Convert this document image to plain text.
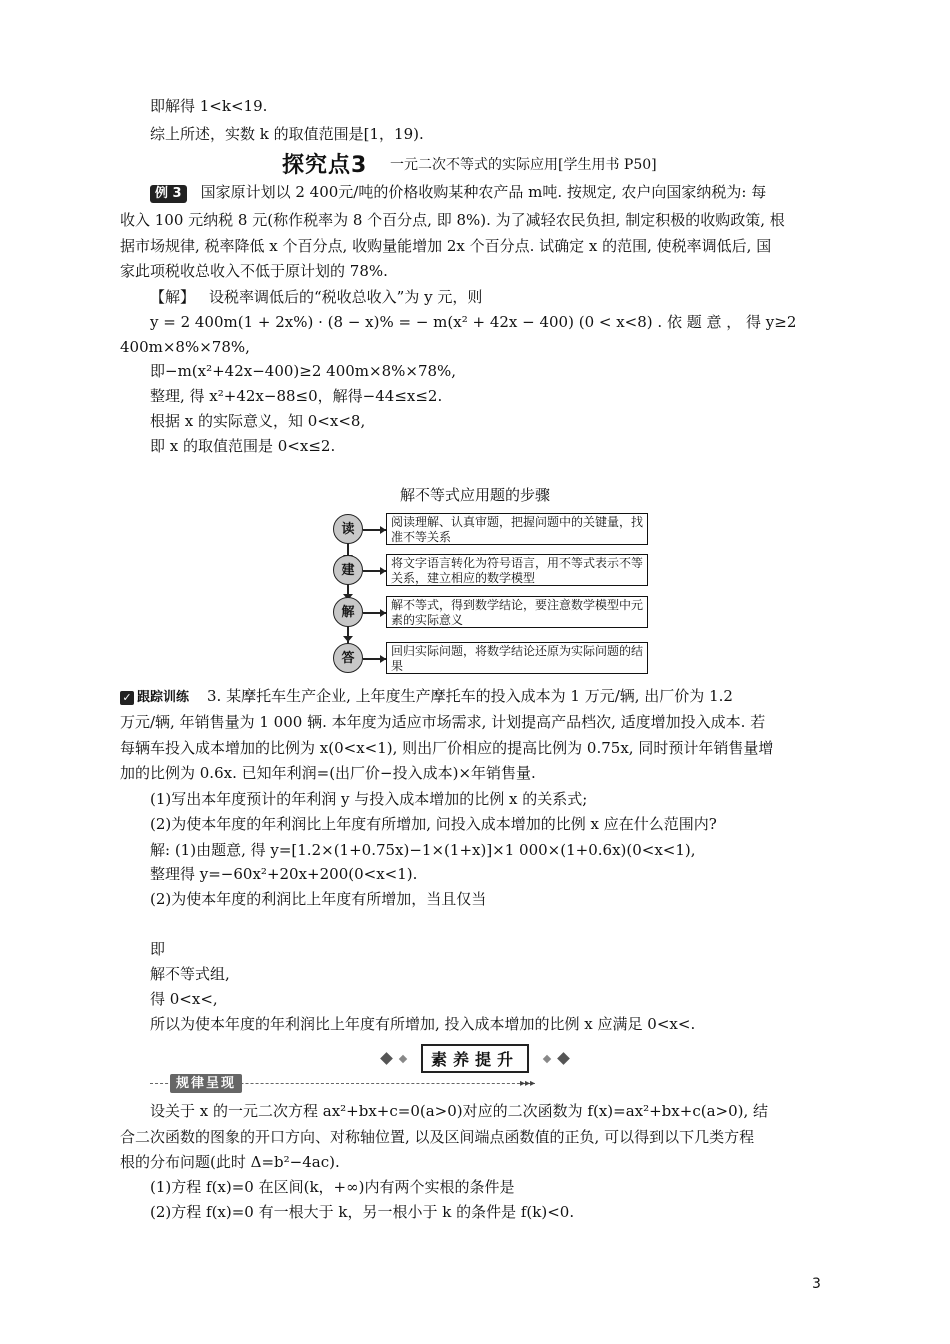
即解得 1<k<19.
综上所述，实数 k 的取值范围是[1，19).
探究点3 一元二次不等式的实际应用[学生用书 P50]
例 3 国家原计划以 2 400元/吨的价格收购某种农产品 m吨. 按规定, 农户向国家纳税为: 每
收入 100 元纳税 8 元(称作税率为 8 个百分点, 即 8%). 为了减轻农民负担, 制定积极的收购政策, 根
据市场规律, 税率降低 x 个百分点, 收购量能增加 2x 个百分点. 试确定 x 的范围, 使税率调低后, 国
家此项税收总收入不低于原计划的 78%.
【解】 设税率调低后的“税收总收入”为 y 元，则
y = 2 400m(1 + 2x%) · (8 − x)% = − m(x² + 42x − 400) (0 < x<8) . 依 题 意 ， 得 y≥2
400m×8%×78%,
即−m(x²+42x−400)≥2 400m×8%×78%,
整理, 得 x²+42x−88≤0，解得−44≤x≤2.
根据 x 的实际意义，知 0<x<8,
即 x 的取值范围是 0<x≤2.
解不等式应用题的步骤
读	阅读理解、认真审题，把握问题中的关键量，找准不等关系
建	将文字语言转化为符号语言，用不等式表示不等关系，建立相应的数学模型
解	解不等式，得到数学结论，要注意数学模型中元素的实际意义
答	回归实际问题，将数学结论还原为实际问题的结果
✓ 跟踪训练 3. 某摩托车生产企业, 上年度生产摩托车的投入成本为 1 万元/辆, 出厂价为 1.2
万元/辆, 年销售量为 1 000 辆. 本年度为适应市场需求, 计划提高产品档次, 适度增加投入成本. 若
每辆车投入成本增加的比例为 x(0<x<1), 则出厂价相应的提高比例为 0.75x, 同时预计年销售量增
加的比例为 0.6x. 已知年利润=(出厂价−投入成本)×年销售量.
(1)写出本年度预计的年利润 y 与投入成本增加的比例 x 的关系式;
(2)为使本年度的年利润比上年度有所增加, 问投入成本增加的比例 x 应在什么范围内?
解: (1)由题意, 得 y=[1.2×(1+0.75x)−1×(1+x)]×1 000×(1+0.6x)(0<x<1),
整理得 y=−60x²+20x+200(0<x<1).
(2)为使本年度的利润比上年度有所增加，当且仅当
即
解不等式组,
得 0<x<,
所以为使本年度的年利润比上年度有所增加, 投入成本增加的比例 x 应满足 0<x<.
素养提升
规律呈现	▸▸▸
设关于 x 的一元二次方程 ax²+bx+c=0(a>0)对应的二次函数为 f(x)=ax²+bx+c(a>0), 结
合二次函数的图象的开口方向、对称轴位置, 以及区间端点函数值的正负, 可以得到以下几类方程
根的分布问题(此时 Δ=b²−4ac).
(1)方程 f(x)=0 在区间(k，+∞)内有两个实根的条件是
(2)方程 f(x)=0 有一根大于 k，另一根小于 k 的条件是 f(k)<0.
3
